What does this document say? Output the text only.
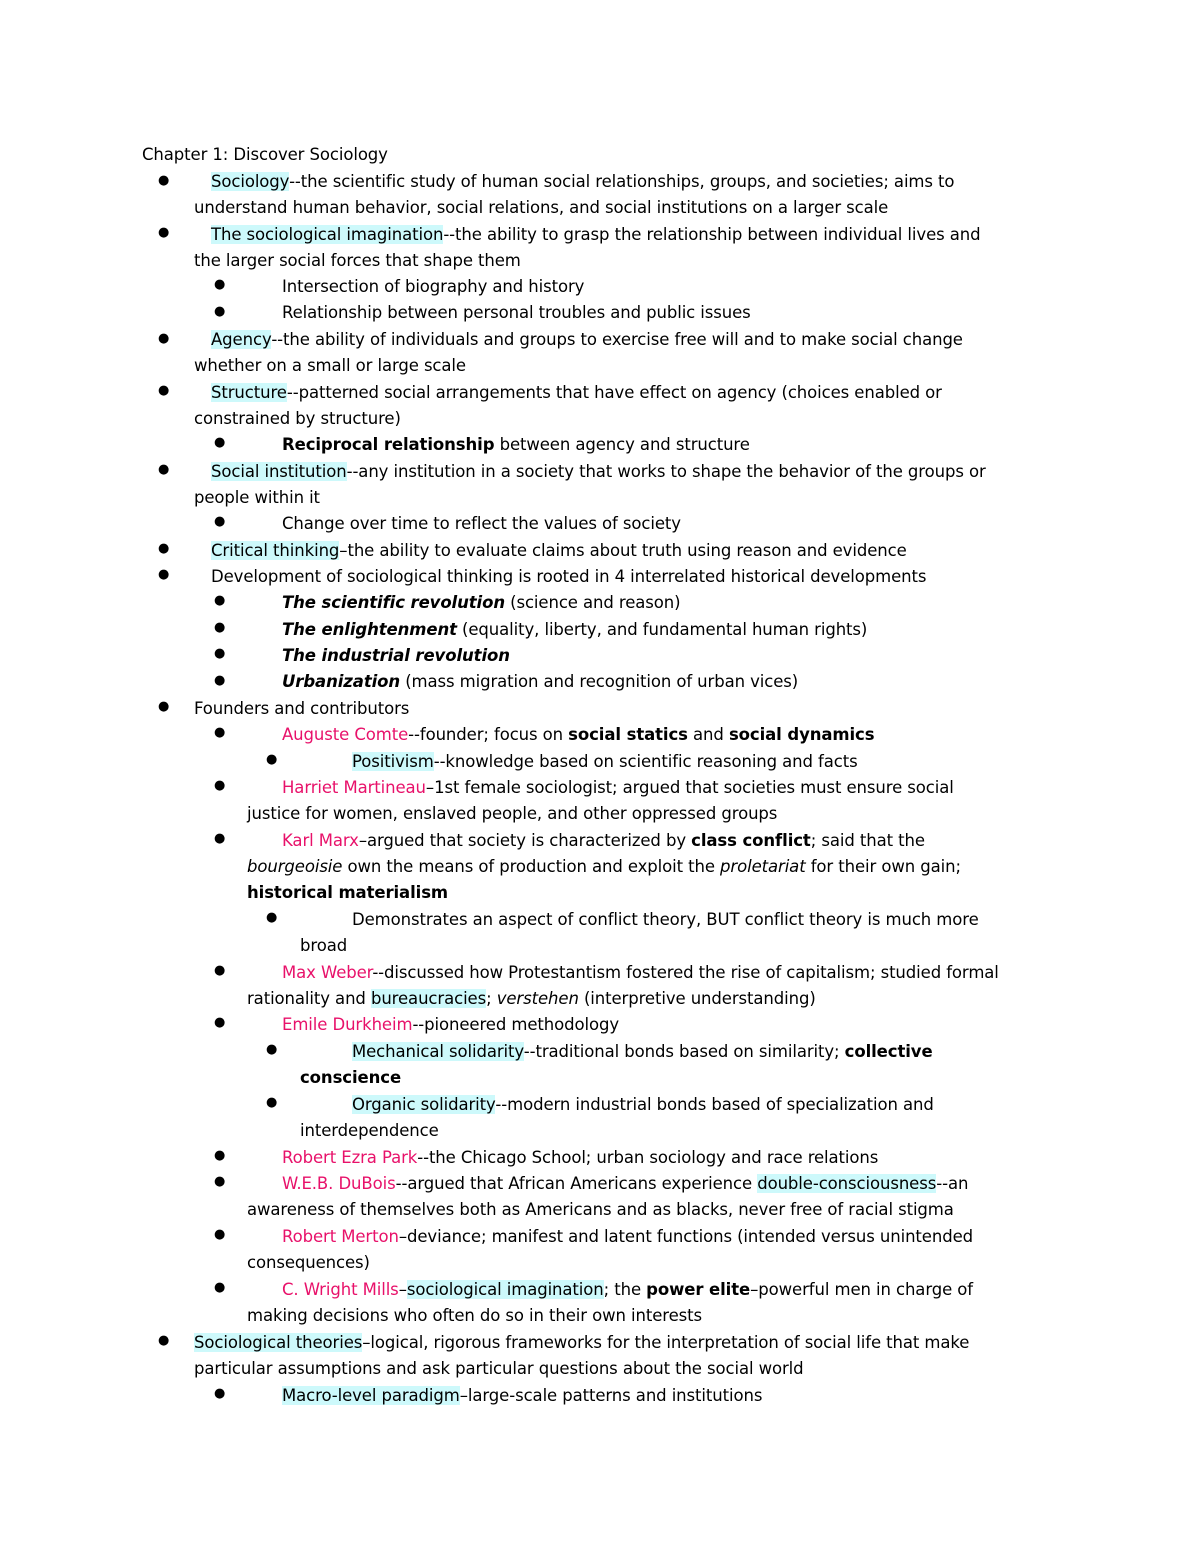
Chapter 1: Discover Sociology
●	Sociology--the scientific study of human social relationships, groups, and societies; aims to
understand human behavior, social relations, and social institutions on a larger scale
●	The sociological imagination--the ability to grasp the relationship between individual lives and
the larger social forces that shape them
●	Intersection of biography and history
●	Relationship between personal troubles and public issues
●	Agency--the ability of individuals and groups to exercise free will and to make social change
whether on a small or large scale
●	Structure--patterned social arrangements that have effect on agency (choices enabled or
constrained by structure)
●	Reciprocal relationship between agency and structure
●	Social institution--any institution in a society that works to shape the behavior of the groups or
people within it
●	Change over time to reflect the values of society
●	Critical thinking–the ability to evaluate claims about truth using reason and evidence
●	Development of sociological thinking is rooted in 4 interrelated historical developments
●	The scientific revolution (science and reason)
●	The enlightenment (equality, liberty, and fundamental human rights)
●	The industrial revolution
●	Urbanization (mass migration and recognition of urban vices)
● Founders and contributors
●	Auguste Comte--founder; focus on social statics and social dynamics
●	Positivism--knowledge based on scientific reasoning and facts
●	Harriet Martineau–1st female sociologist; argued that societies must ensure social
justice for women, enslaved people, and other oppressed groups
●	Karl Marx–argued that society is characterized by class conflict; said that the
bourgeoisie own the means of production and exploit the proletariat for their own gain;
historical materialism
●	Demonstrates an aspect of conflict theory, BUT conflict theory is much more
broad
●	Max Weber--discussed how Protestantism fostered the rise of capitalism; studied formal
rationality and bureaucracies; verstehen (interpretive understanding)
●	Emile Durkheim--pioneered methodology
●	Mechanical solidarity--traditional bonds based on similarity; collective
conscience
●	Organic solidarity--modern industrial bonds based of specialization and
interdependence
●	Robert Ezra Park--the Chicago School; urban sociology and race relations
●	W.E.B. DuBois--argued that African Americans experience double-consciousness--an
awareness of themselves both as Americans and as blacks, never free of racial stigma
●	Robert Merton–deviance; manifest and latent functions (intended versus unintended
consequences)
●	C. Wright Mills–sociological imagination; the power elite–powerful men in charge of
making decisions who often do so in their own interests
● Sociological theories–logical, rigorous frameworks for the interpretation of social life that make
particular assumptions and ask particular questions about the social world
●	Macro-level paradigm–large-scale patterns and institutions
